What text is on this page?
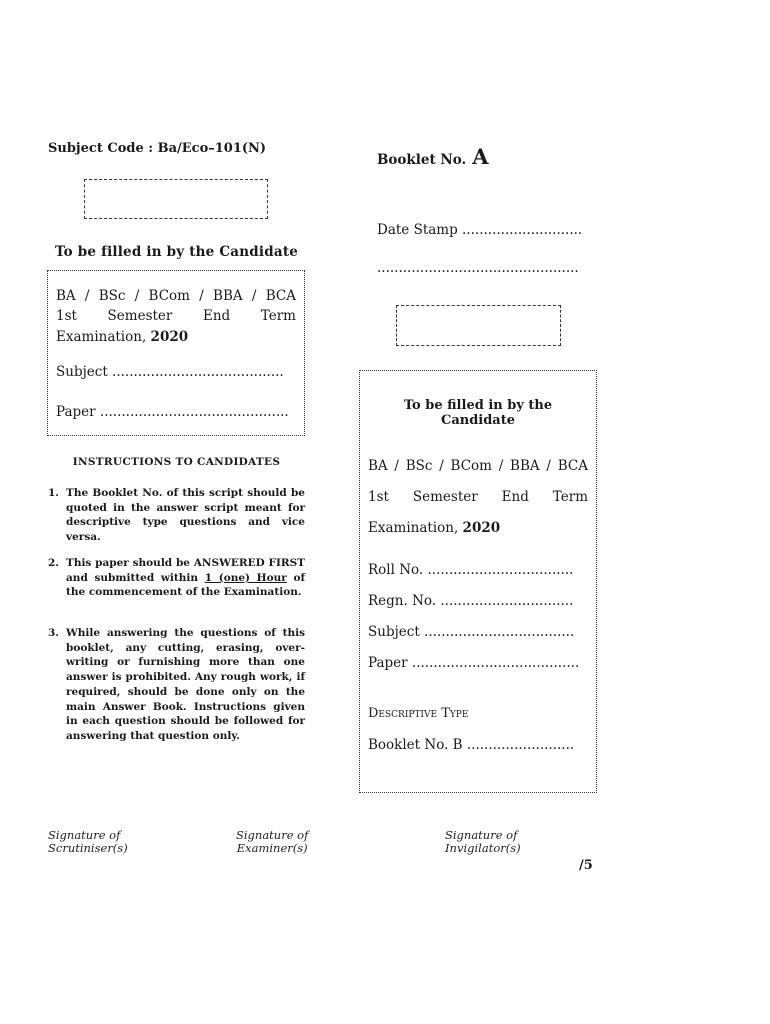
Subject Code : Ba/Eco–101(N)
To be filled in by the Candidate
BA / BSc / BCom / BBA / BCA
1st Semester End Term
Examination, 2020
Subject ........................................
Paper ............................................
INSTRUCTIONS TO CANDIDATES
1. The Booklet No. of this script should be quoted in the answer script meant for descriptive type questions and vice versa.
2. This paper should be ANSWERED FIRST and submitted within 1 (one) Hour of the commencement of the Examination.
3. While answering the questions of this booklet, any cutting, erasing, over-writing or furnishing more than one answer is prohibited. Any rough work, if required, should be done only on the main Answer Book. Instructions given in each question should be followed for answering that question only.
Booklet No. A
Date Stamp ............................
...............................................
To be filled in by the
Candidate
BA / BSc / BCom / BBA / BCA
1st Semester End Term
Examination, 2020
Roll No. ..................................
Regn. No. ...............................
Subject ...................................
Paper .......................................
Descriptive Type
Booklet No. B .........................
Signature of
Scrutiniser(s)
Signature of
Examiner(s)
Signature of
Invigilator(s)
/5
